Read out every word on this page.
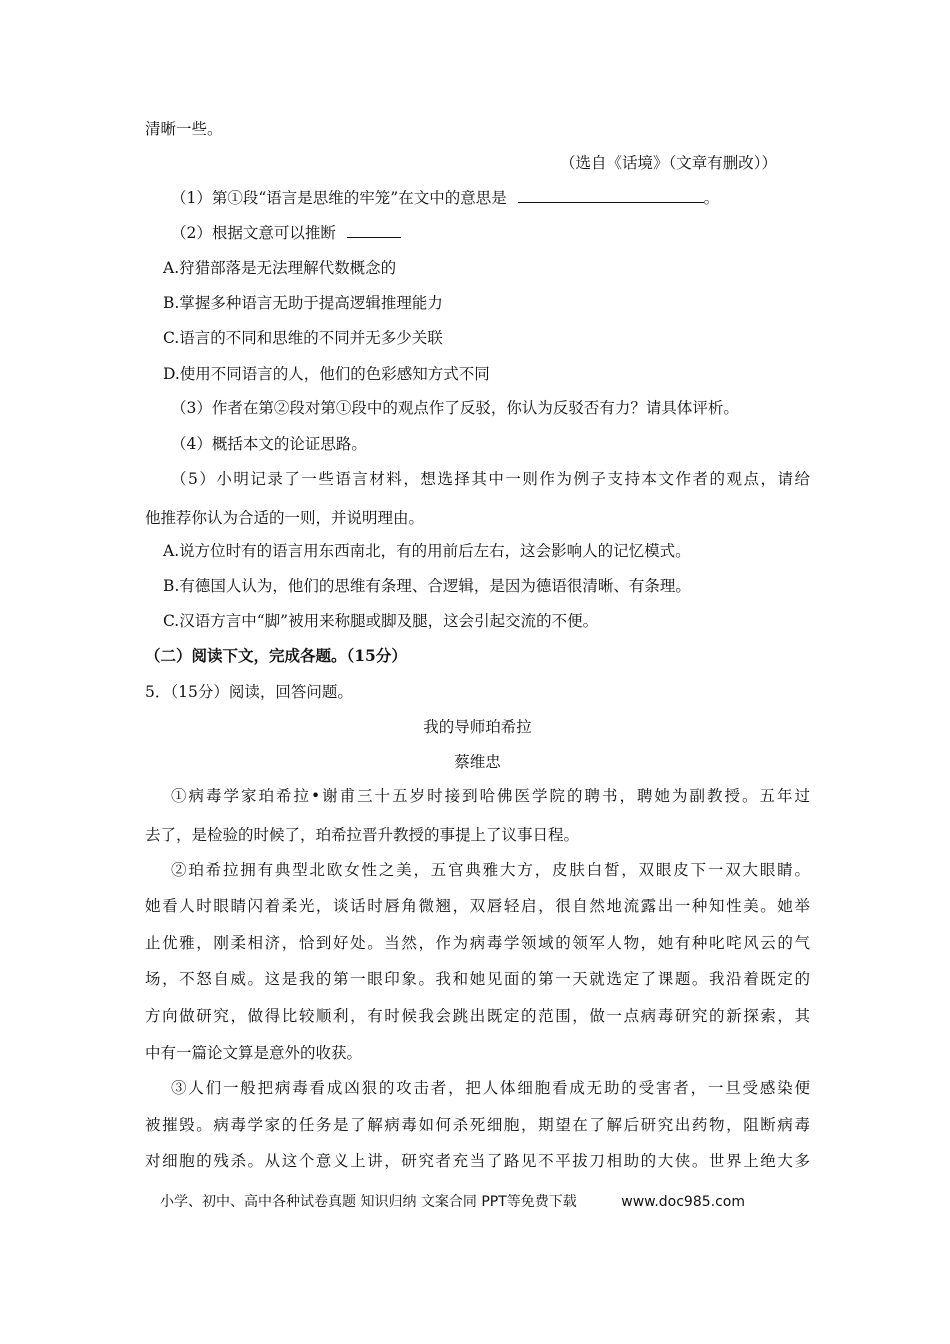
清晰一些。
（选自《话境》（文章有删改））
（1）第①段“语言是思维的牢笼”在文中的意思是	。
（2）根据文意可以推断
A.狩猎部落是无法理解代数概念的
B.掌握多种语言无助于提高逻辑推理能力
C.语言的不同和思维的不同并无多少关联
D.使用不同语言的人，他们的色彩感知方式不同
（3）作者在第②段对第①段中的观点作了反驳，你认为反驳否有力？请具体评析。
（4）概括本文的论证思路。
（5）小明记录了一些语言材料，想选择其中一则作为例子支持本文作者的观点，请给
他推荐你认为合适的一则，并说明理由。
A.说方位时有的语言用东西南北，有的用前后左右，这会影响人的记忆模式。
B.有德国人认为，他们的思维有条理、合逻辑，是因为德语很清晰、有条理。
C.汉语方言中“脚”被用来称腿或脚及腿，这会引起交流的不便。
（二）阅读下文，完成各题。（15分）
5．（15分）阅读，回答问题。
我的导师珀希拉
蔡维忠
①病毒学家珀希拉•谢甫三十五岁时接到哈佛医学院的聘书，聘她为副教授。五年过
去了，是检验的时候了，珀希拉晋升教授的事提上了议事日程。
②珀希拉拥有典型北欧女性之美，五官典雅大方，皮肤白皙，双眼皮下一双大眼睛。
她看人时眼睛闪着柔光，谈话时唇角微翘，双唇轻启，很自然地流露出一种知性美。她举
止优雅，刚柔相济，恰到好处。当然，作为病毒学领域的领军人物，她有种叱咤风云的气
场，不怒自威。这是我的第一眼印象。我和她见面的第一天就选定了课题。我沿着既定的
方向做研究，做得比较顺利，有时候我会跳出既定的范围，做一点病毒研究的新探索，其
中有一篇论文算是意外的收获。
③人们一般把病毒看成凶狠的攻击者，把人体细胞看成无助的受害者，一旦受感染便
被摧毁。病毒学家的任务是了解病毒如何杀死细胞，期望在了解后研究出药物，阻断病毒
对细胞的残杀。从这个意义上讲，研究者充当了路见不平拔刀相助的大侠。世界上绝大多
小学、初中、高中各种试卷真题 知识归纳 文案合同 PPT等免费下载	www.doc985.com
